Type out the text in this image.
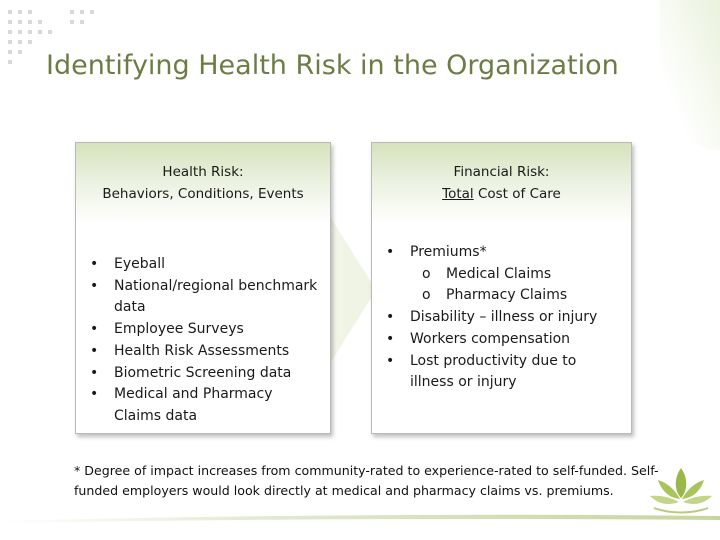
Identifying Health Risk in the Organization
Health Risk:
Behaviors, Conditions, Events
• Eyeball
• National/regional benchmark data
• Employee Surveys
• Health Risk Assessments
• Biometric Screening data
• Medical and Pharmacy Claims data
Financial Risk:
Total Cost of Care
• Premiums*
o Medical Claims
o Pharmacy Claims
• Disability – illness or injury
• Workers compensation
• Lost productivity due to illness or injury
* Degree of impact increases from community-rated to experience-rated to self-funded. Self-funded employers would look directly at medical and pharmacy claims vs. premiums.
